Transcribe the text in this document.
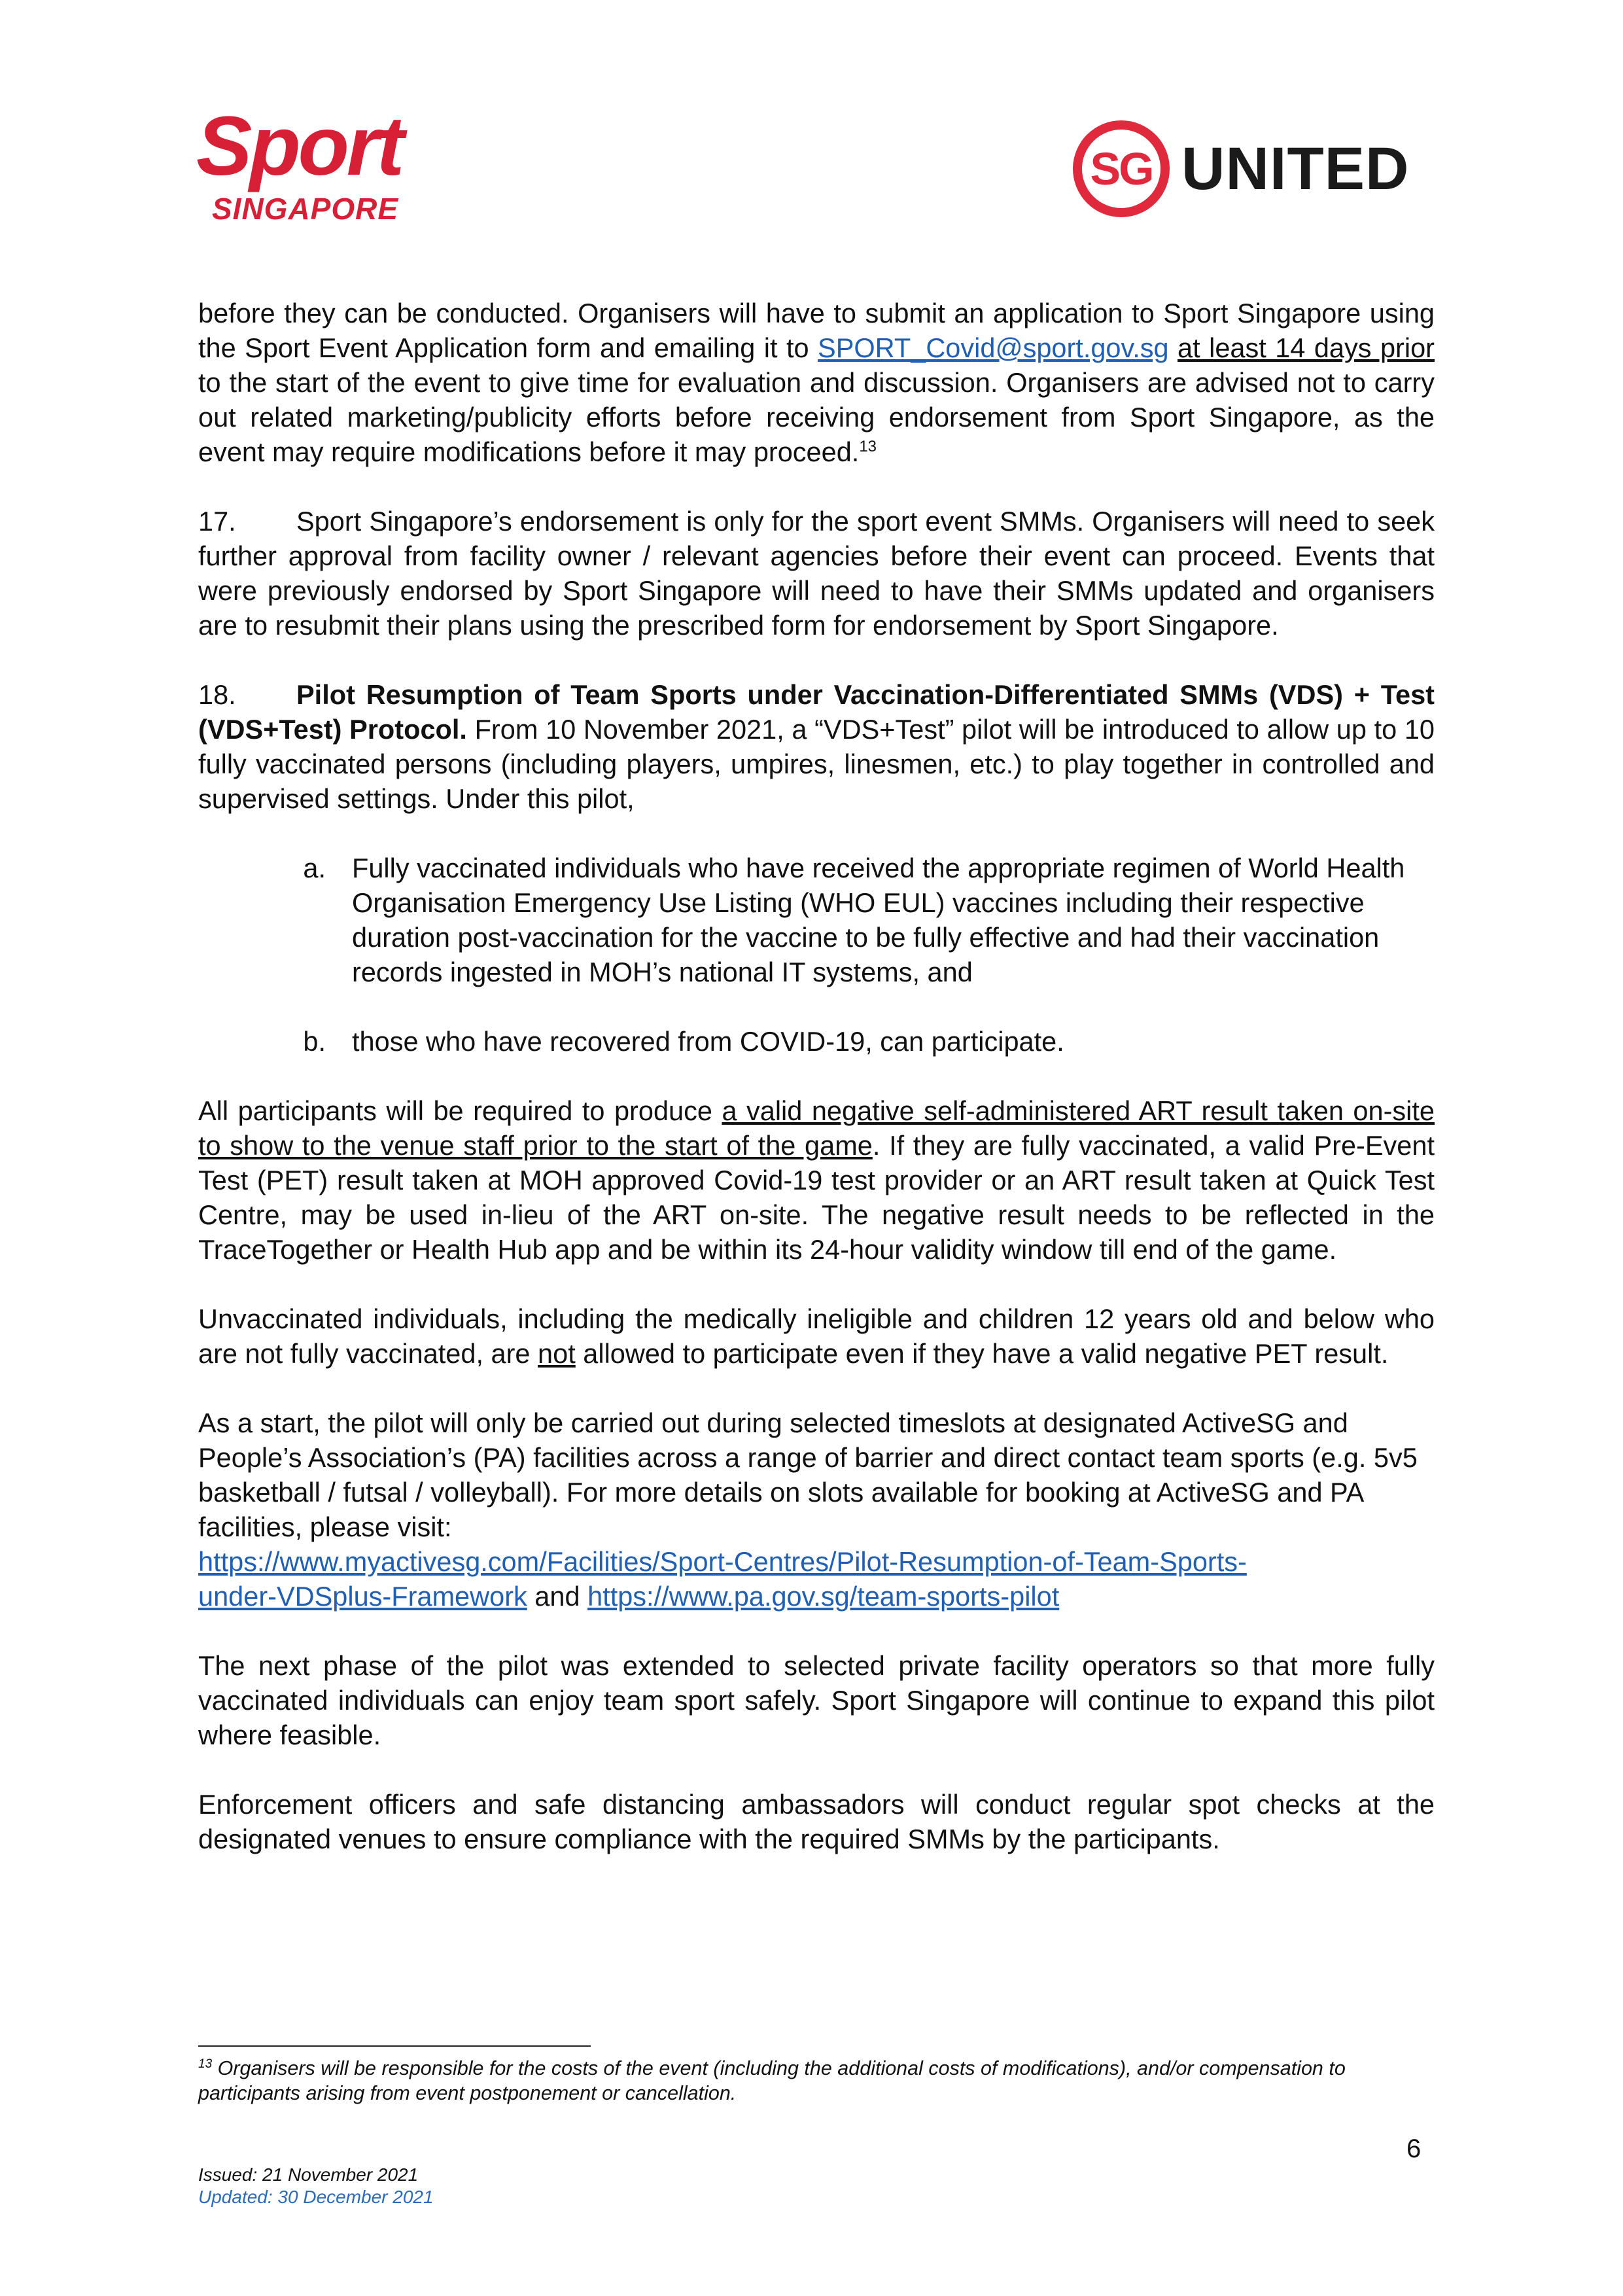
Sport
SINGAPORE
SG UNITED

before they can be conducted. Organisers will have to submit an application to Sport Singapore using the Sport Event Application form and emailing it to SPORT_Covid@sport.gov.sg at least 14 days prior to the start of the event to give time for evaluation and discussion. Organisers are advised not to carry out related marketing/publicity efforts before receiving endorsement from Sport Singapore, as the event may require modifications before it may proceed.$^{13}$

17. Sport Singapore’s endorsement is only for the sport event SMMs. Organisers will need to seek further approval from facility owner / relevant agencies before their event can proceed. Events that were previously endorsed by Sport Singapore will need to have their SMMs updated and organisers are to resubmit their plans using the prescribed form for endorsement by Sport Singapore.

18. Pilot Resumption of Team Sports under Vaccination-Differentiated SMMs (VDS) + Test (VDS+Test) Protocol. From 10 November 2021, a “VDS+Test” pilot will be introduced to allow up to 10 fully vaccinated persons (including players, umpires, linesmen, etc.) to play together in controlled and supervised settings. Under this pilot,

a. Fully vaccinated individuals who have received the appropriate regimen of World Health Organisation Emergency Use Listing (WHO EUL) vaccines including their respective duration post-vaccination for the vaccine to be fully effective and had their vaccination records ingested in MOH’s national IT systems, and
b. those who have recovered from COVID-19, can participate.

All participants will be required to produce a valid negative self-administered ART result taken on-site to show to the venue staff prior to the start of the game. If they are fully vaccinated, a valid Pre-Event Test (PET) result taken at MOH approved Covid-19 test provider or an ART result taken at Quick Test Centre, may be used in-lieu of the ART on-site. The negative result needs to be reflected in the TraceTogether or Health Hub app and be within its 24-hour validity window till end of the game.

Unvaccinated individuals, including the medically ineligible and children 12 years old and below who are not fully vaccinated, are not allowed to participate even if they have a valid negative PET result.

As a start, the pilot will only be carried out during selected timeslots at designated ActiveSG and People’s Association’s (PA) facilities across a range of barrier and direct contact team sports (e.g. 5v5 basketball / futsal / volleyball). For more details on slots available for booking at ActiveSG and PA facilities, please visit:
https://www.myactivesg.com/Facilities/Sport-Centres/Pilot-Resumption-of-Team-Sports-
under-VDSplus-Framework and https://www.pa.gov.sg/team-sports-pilot

The next phase of the pilot was extended to selected private facility operators so that more fully vaccinated individuals can enjoy team sport safely. Sport Singapore will continue to expand this pilot where feasible.

Enforcement officers and safe distancing ambassadors will conduct regular spot checks at the designated venues to ensure compliance with the required SMMs by the participants.

$^{13}$ Organisers will be responsible for the costs of the event (including the additional costs of modifications), and/or compensation to participants arising from event postponement or cancellation.
6
Issued: 21 November 2021
Updated: 30 December 2021
